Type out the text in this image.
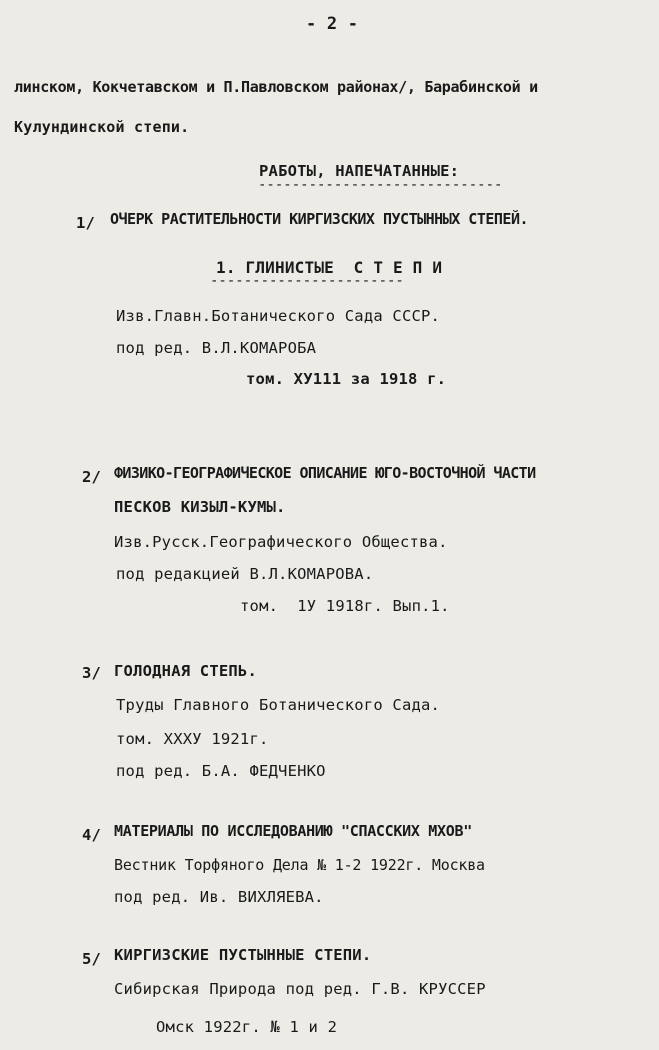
- 2 -
линском, Кокчетавском и П.Павловском районах/, Барабинской и
Кулундинской степи.
РАБОТЫ, НАПЕЧАТАННЫЕ:
-----------------------------
1/ ОЧЕРК РАСТИТЕЛЬНОСТИ КИРГИЗСКИХ ПУСТЫННЫХ СТЕПЕЙ.
1. ГЛИНИСТЫЕ  С Т Е П И
-----------------------
Изв.Главн.Ботанического Сада СССР.
под ред. В.Л.КОМАРОБА
том. ХУ111 за 1918 г.
2/ ФИЗИКО-ГЕОГРАФИЧЕСКОЕ ОПИСАНИЕ ЮГО-ВОСТОЧНОЙ ЧАСТИ
ПЕСКОВ КИЗЫЛ-КУМЫ.
Изв.Русск.Географического Общества.
под редакцией В.Л.КОМАРОВА.
том.  1У 1918г. Вып.1.
3/ ГОЛОДНАЯ СТЕПЬ.
Труды Главного Ботанического Сада.
том. ХХХУ 1921г.
под ред. Б.А. ФЕДЧЕНКО
4/ МАТЕРИАЛЫ ПО ИССЛЕДОВАНИЮ "СПАССКИХ МХОВ"
Вестник Торфяного Дела № 1-2 1922г. Москва
под ред. Ив. ВИХЛЯЕВА.
5/ КИРГИЗСКИЕ ПУСТЫННЫЕ СТЕПИ.
Сибирская Природа под ред. Г.В. КРУССЕР
Омск 1922г. № 1 и 2
